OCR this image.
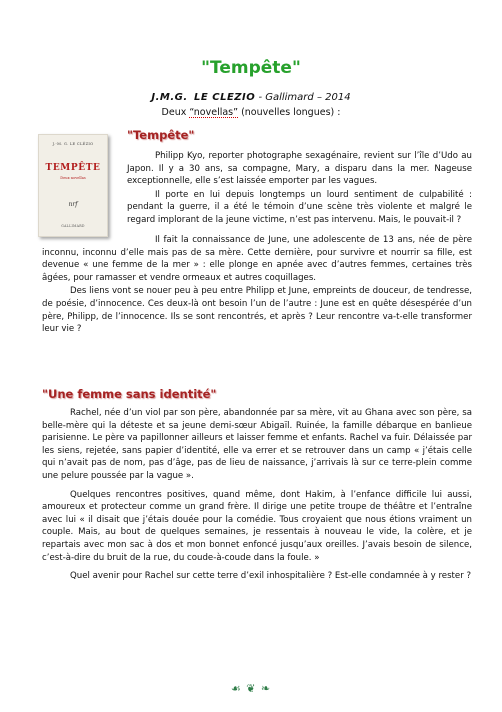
"Tempête"
J.M.G. LE CLEZIO - Gallimard – 2014
Deux “novellas” (nouvelles longues) :
J.-M. G. LE CLÉZIO
TEMPÊTE
Deux novellas
nrf
GALLIMARD
"Tempête"

Philipp Kyo, reporter photographe sexagénaire, revient sur l’île d’Udo au Japon. Il y a 30 ans, sa compagne, Mary, a disparu dans la mer. Nageuse exceptionnelle, elle s’est laissée emporter par les vagues.

Il porte en lui depuis longtemps un lourd sentiment de culpabilité : pendant la guerre, il a été le témoin d’une scène très violente et malgré le regard implorant de la jeune victime, n’est pas intervenu. Mais, le pouvait-il ?

Il fait la connaissance de June, une adolescente de 13 ans, née de père inconnu, inconnu d’elle mais pas de sa mère. Cette dernière, pour survivre et nourrir sa fille, est devenue « une femme de la mer » : elle plonge en apnée avec d’autres femmes, certaines très âgées, pour ramasser et vendre ormeaux et autres coquillages.

Des liens vont se nouer peu à peu entre Philipp et June, empreints de douceur, de tendresse, de poésie, d’innocence. Ces deux-là ont besoin l’un de l’autre : June est en quête désespérée d’un père, Philipp, de l’innocence. Ils se sont rencontrés, et après ? Leur rencontre va-t-elle transformer leur vie ?

"Une femme sans identité"

Rachel, née d’un viol par son père, abandonnée par sa mère, vit au Ghana avec son père, sa belle-mère qui la déteste et sa jeune demi-sœur Abigaïl. Ruinée, la famille débarque en banlieue parisienne. Le père va papillonner ailleurs et laisser femme et enfants. Rachel va fuir. Délaissée par les siens, rejetée, sans papier d’identité, elle va errer et se retrouver dans un camp « j’étais celle qui n’avait pas de nom, pas d’âge, pas de lieu de naissance, j’arrivais là sur ce terre-plein comme une pelure poussée par la vague ».

Quelques rencontres positives, quand même, dont Hakim, à l’enfance difficile lui aussi, amoureux et protecteur comme un grand frère. Il dirige une petite troupe de théâtre et l’entraîne avec lui « il disait que j’étais douée pour la comédie. Tous croyaient que nous étions vraiment un couple. Mais, au bout de quelques semaines, je ressentais à nouveau le vide, la colère, et je repartais avec mon sac à dos et mon bonnet enfoncé jusqu’aux oreilles. J’avais besoin de silence, c’est-à-dire du bruit de la rue, du coude-à-coude dans la foule. »

Quel avenir pour Rachel sur cette terre d’exil inhospitalière ? Est-elle condamnée à y rester ?

☙ ❦ ❧
